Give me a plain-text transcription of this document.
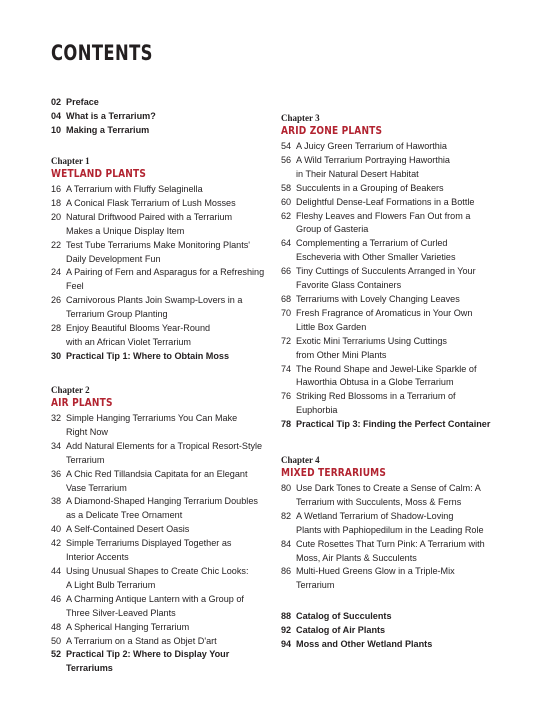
CONTENTS
02 Preface
04 What is a Terrarium?
10 Making a Terrarium
Chapter 1
WETLAND PLANTS
16 A Terrarium with Fluffy Selaginella
18 A Conical Flask Terrarium of Lush Mosses
20 Natural Driftwood Paired with a Terrarium
Makes a Unique Display Item
22 Test Tube Terrariums Make Monitoring Plants'
Daily Development Fun
24 A Pairing of Fern and Asparagus for a Refreshing
Feel
26 Carnivorous Plants Join Swamp-Lovers in a
Terrarium Group Planting
28 Enjoy Beautiful Blooms Year-Round
with an African Violet Terrarium
30 Practical Tip 1: Where to Obtain Moss
Chapter 2
AIR PLANTS
32 Simple Hanging Terrariums You Can Make
Right Now
34 Add Natural Elements for a Tropical Resort-Style
Terrarium
36 A Chic Red Tillandsia Capitata for an Elegant
Vase Terrarium
38 A Diamond-Shaped Hanging Terrarium Doubles
as a Delicate Tree Ornament
40 A Self-Contained Desert Oasis
42 Simple Terrariums Displayed Together as
Interior Accents
44 Using Unusual Shapes to Create Chic Looks:
A Light Bulb Terrarium
46 A Charming Antique Lantern with a Group of
Three Silver-Leaved Plants
48 A Spherical Hanging Terrarium
50 A Terrarium on a Stand as Objet D'art
52 Practical Tip 2: Where to Display Your
Terrariums
Chapter 3
ARID ZONE PLANTS
54 A Juicy Green Terrarium of Haworthia
56 A Wild Terrarium Portraying Haworthia
in Their Natural Desert Habitat
58 Succulents in a Grouping of Beakers
60 Delightful Dense-Leaf Formations in a Bottle
62 Fleshy Leaves and Flowers Fan Out from a
Group of Gasteria
64 Complementing a Terrarium of Curled
Escheveria with Other Smaller Varieties
66 Tiny Cuttings of Succulents Arranged in Your
Favorite Glass Containers
68 Terrariums with Lovely Changing Leaves
70 Fresh Fragrance of Aromaticus in Your Own
Little Box Garden
72 Exotic Mini Terrariums Using Cuttings
from Other Mini Plants
74 The Round Shape and Jewel-Like Sparkle of
Haworthia Obtusa in a Globe Terrarium
76 Striking Red Blossoms in a Terrarium of
Euphorbia
78 Practical Tip 3: Finding the Perfect Container
Chapter 4
MIXED TERRARIUMS
80 Use Dark Tones to Create a Sense of Calm: A
Terrarium with Succulents, Moss & Ferns
82 A Wetland Terrarium of Shadow-Loving
Plants with Paphiopedilum in the Leading Role
84 Cute Rosettes That Turn Pink: A Terrarium with
Moss, Air Plants & Succulents
86 Multi-Hued Greens Glow in a Triple-Mix
Terrarium
88 Catalog of Succulents
92 Catalog of Air Plants
94 Moss and Other Wetland Plants
